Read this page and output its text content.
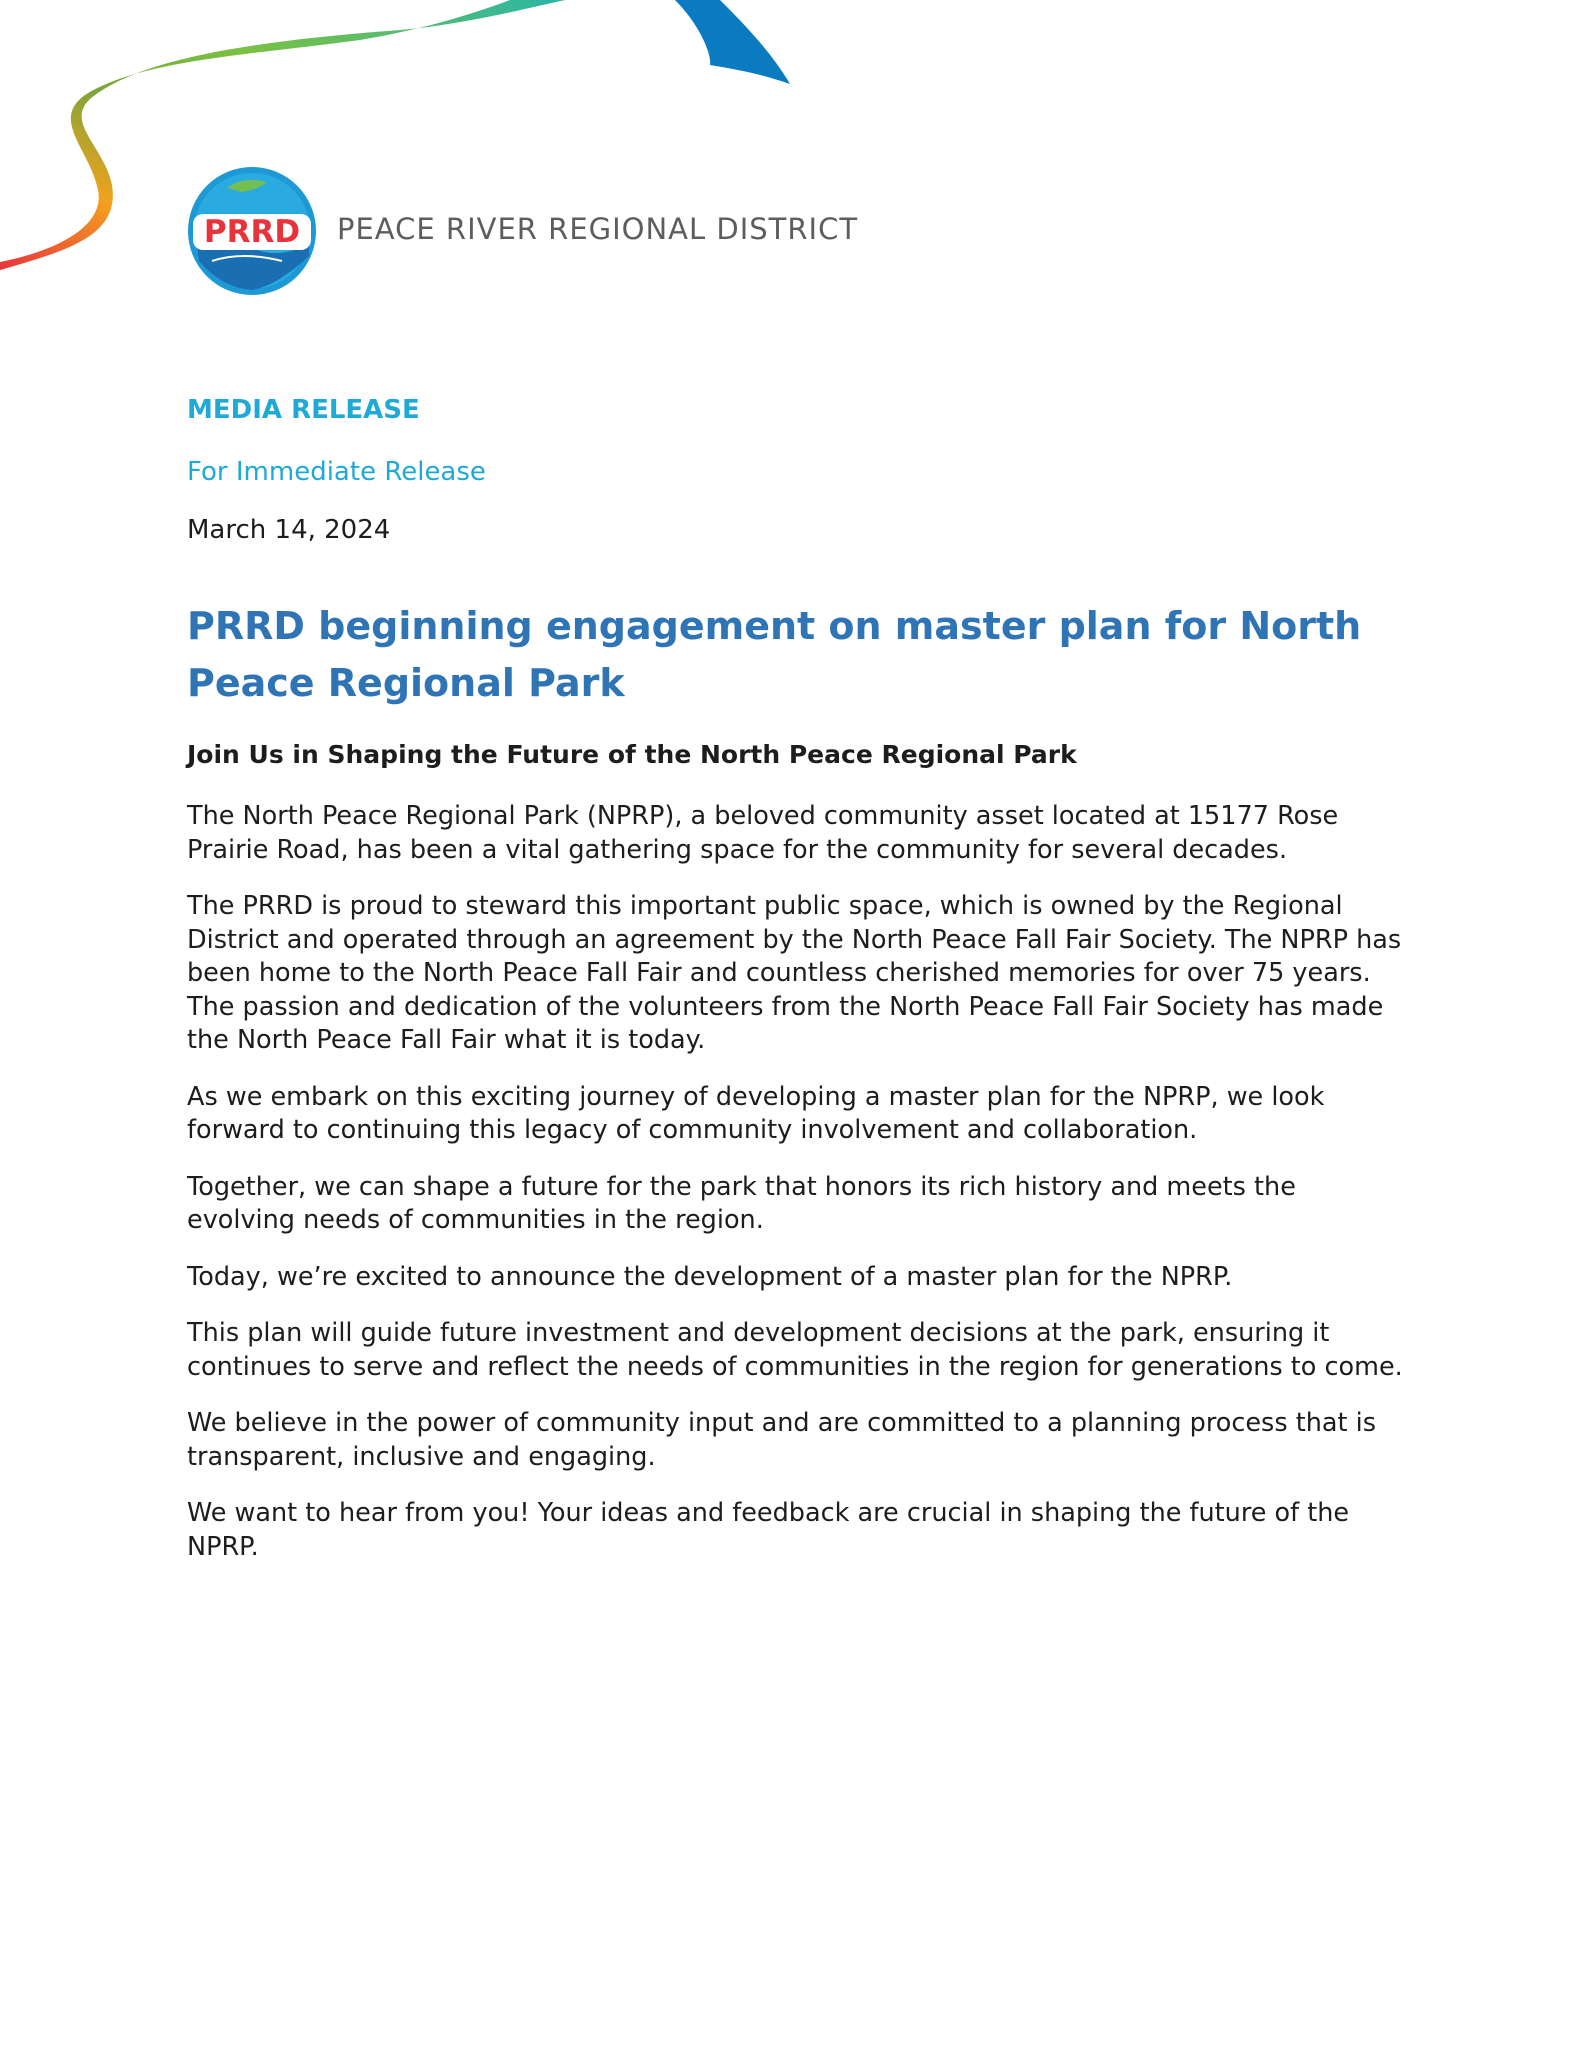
PRRD PEACE RIVER REGIONAL DISTRICT
MEDIA RELEASE
For Immediate Release
March 14, 2024
PRRD beginning engagement on master plan for North Peace Regional Park
Join Us in Shaping the Future of the North Peace Regional Park

The North Peace Regional Park (NPRP), a beloved community asset located at 15177 Rose Prairie Road, has been a vital gathering space for the community for several decades.

The PRRD is proud to steward this important public space, which is owned by the Regional District and operated through an agreement by the North Peace Fall Fair Society. The NPRP has been home to the North Peace Fall Fair and countless cherished memories for over 75 years. The passion and dedication of the volunteers from the North Peace Fall Fair Society has made the North Peace Fall Fair what it is today.

As we embark on this exciting journey of developing a master plan for the NPRP, we look forward to continuing this legacy of community involvement and collaboration.

Together, we can shape a future for the park that honors its rich history and meets the evolving needs of communities in the region.

Today, we’re excited to announce the development of a master plan for the NPRP.

This plan will guide future investment and development decisions at the park, ensuring it continues to serve and reflect the needs of communities in the region for generations to come.

We believe in the power of community input and are committed to a planning process that is transparent, inclusive and engaging.

We want to hear from you! Your ideas and feedback are crucial in shaping the future of the NPRP.
